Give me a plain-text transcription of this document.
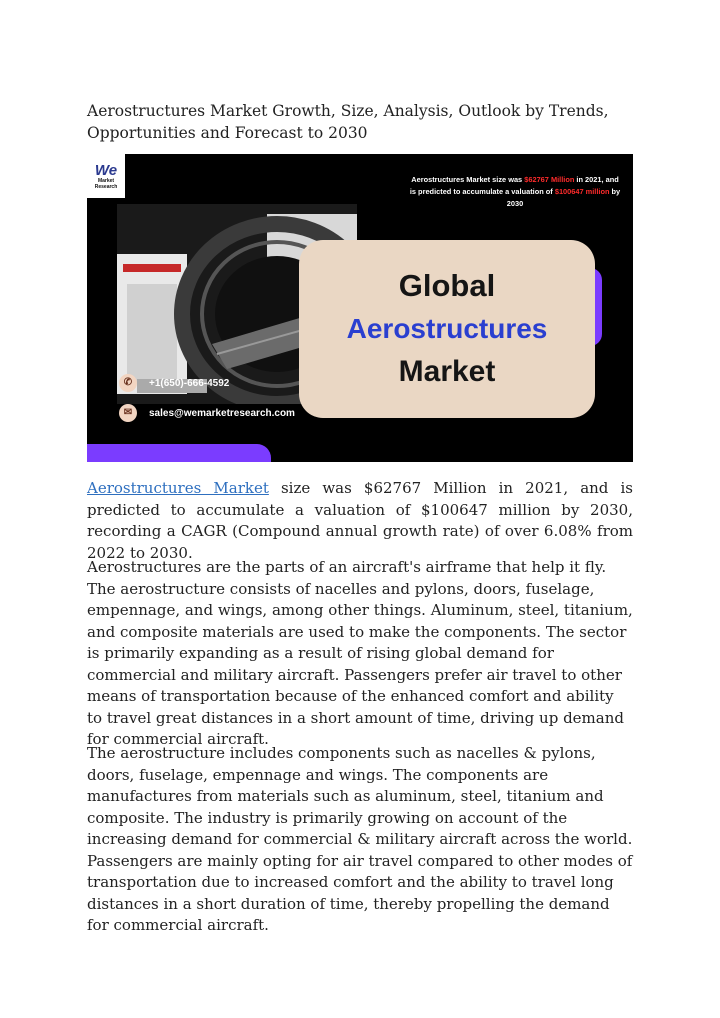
Aerostructures Market Growth, Size, Analysis, Outlook by Trends, Opportunities and Forecast to 2030
We
Market
Research
Aerostructures Market size was $62767 Million in 2021, and is predicted to accumulate a valuation of $100647 million by 2030
Global
Aerostructures
Market
✆	+1(650)-666-4592
✉	sales@wemarketresearch.com

Aerostructures Market size was $62767 Million in 2021, and is predicted to accumulate a valuation of $100647 million by 2030, recording a CAGR (Compound annual growth rate) of over 6.08% from 2022 to 2030.

Aerostructures are the parts of an aircraft's airframe that help it fly. The aerostructure consists of nacelles and pylons, doors, fuselage, empennage, and wings, among other things. Aluminum, steel, titanium, and composite materials are used to make the components. The sector is primarily expanding as a result of rising global demand for commercial and military aircraft. Passengers prefer air travel to other means of transportation because of the enhanced comfort and ability to travel great distances in a short amount of time, driving up demand for commercial aircraft.

The aerostructure includes components such as nacelles & pylons, doors, fuselage, empennage and wings. The components are manufactures from materials such as aluminum, steel, titanium and composite. The industry is primarily growing on account of the increasing demand for commercial & military aircraft across the world. Passengers are mainly opting for air travel compared to other modes of transportation due to increased comfort and the ability to travel long distances in a short duration of time, thereby propelling the demand for commercial aircraft.
